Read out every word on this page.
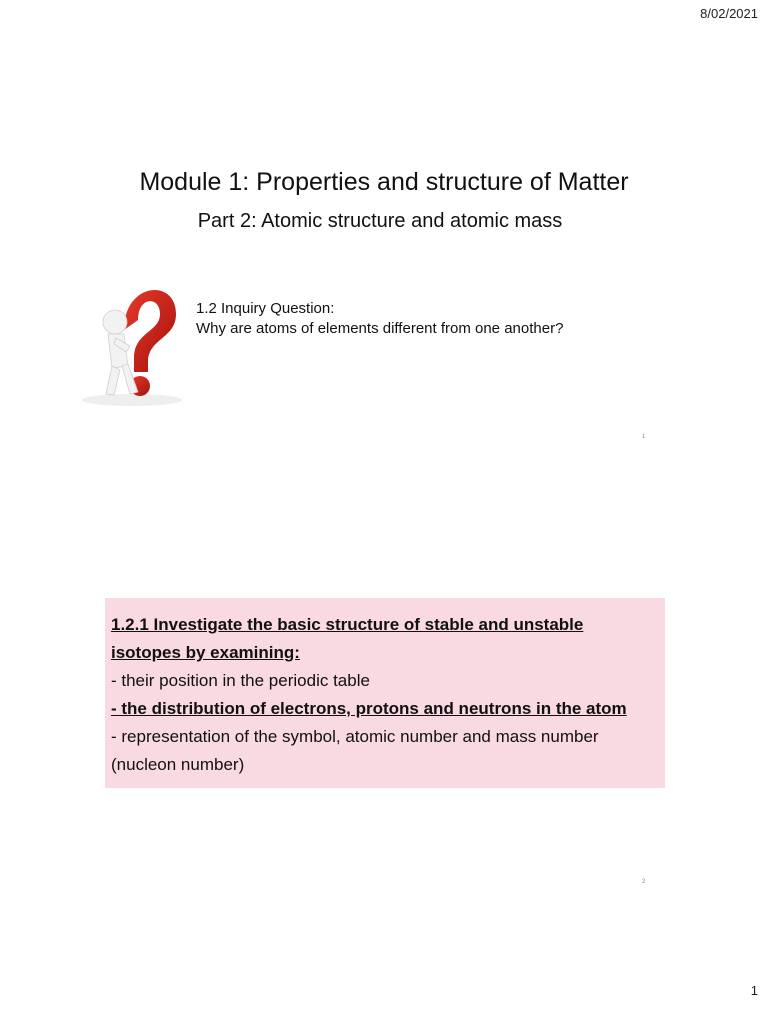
8/02/2021
Module 1: Properties and structure of Matter
Part 2: Atomic structure and atomic mass
1.2 Inquiry Question:
Why are atoms of elements different from one another?
1
1.2.1 Investigate the basic structure of stable and unstable
isotopes by examining:
- their position in the periodic table
- the distribution of electrons, protons and neutrons in the atom
- representation of the symbol, atomic number and mass number
(nucleon number)
2
1
